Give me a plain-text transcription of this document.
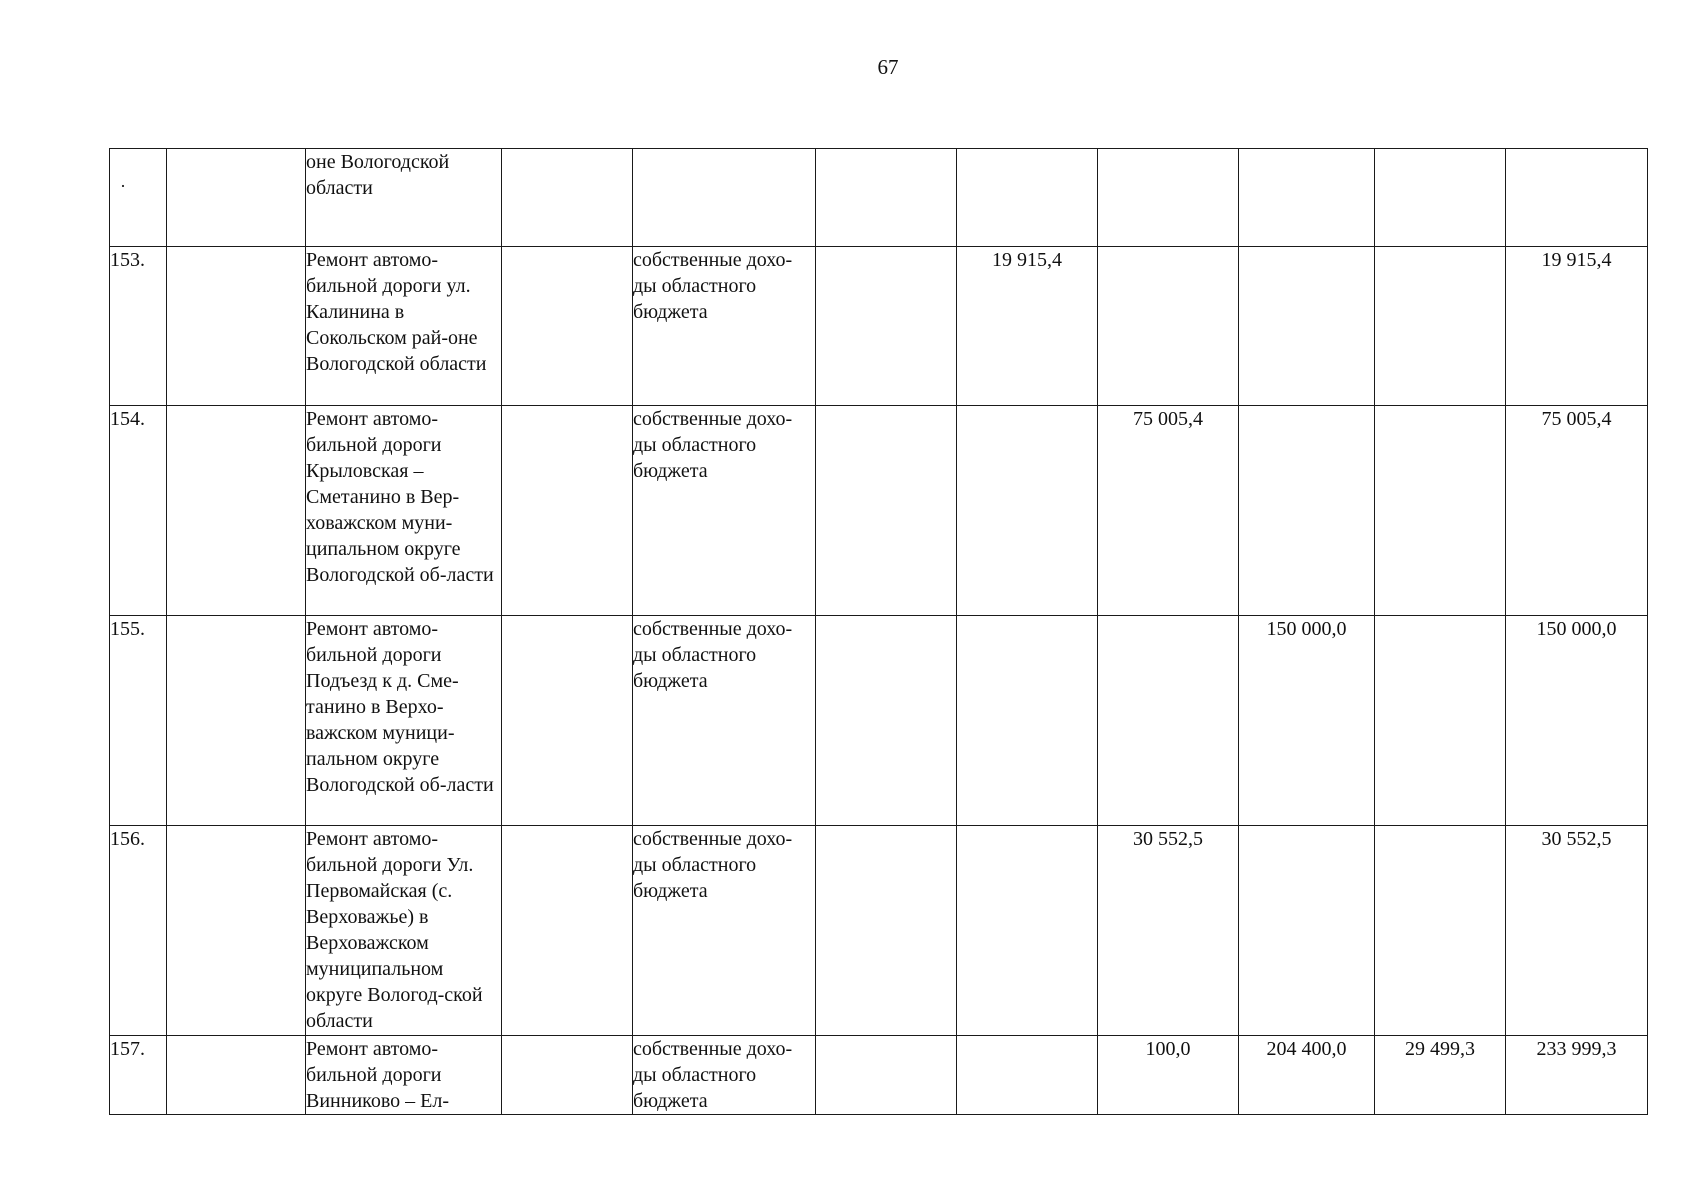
67
·		оне Вологодской области								
153.		Ремонт автомо-бильной дороги ул. Калинина в Сокольском рай-оне Вологодской области		собственные дохо-ды областного бюджета		19 915,4				19 915,4
154.		Ремонт автомо-бильной дороги Крыловская – Сметанино в Вер-ховажском муни-ципальном округе Вологодской об-ласти		собственные дохо-ды областного бюджета			75 005,4			75 005,4
155.		Ремонт автомо-бильной дороги Подъезд к д. Сме-танино в Верхо-важском муници-пальном округе Вологодской об-ласти		собственные дохо-ды областного бюджета				150 000,0		150 000,0
156.		Ремонт автомо-бильной дороги Ул. Первомайская (с. Верховажье) в Верховажском муниципальном округе Вологод-ской области		собственные дохо-ды областного бюджета			30 552,5			30 552,5
157.		Ремонт автомо-бильной дороги Винниково – Ел-		собственные дохо-ды областного бюджета			100,0	204 400,0	29 499,3	233 999,3
